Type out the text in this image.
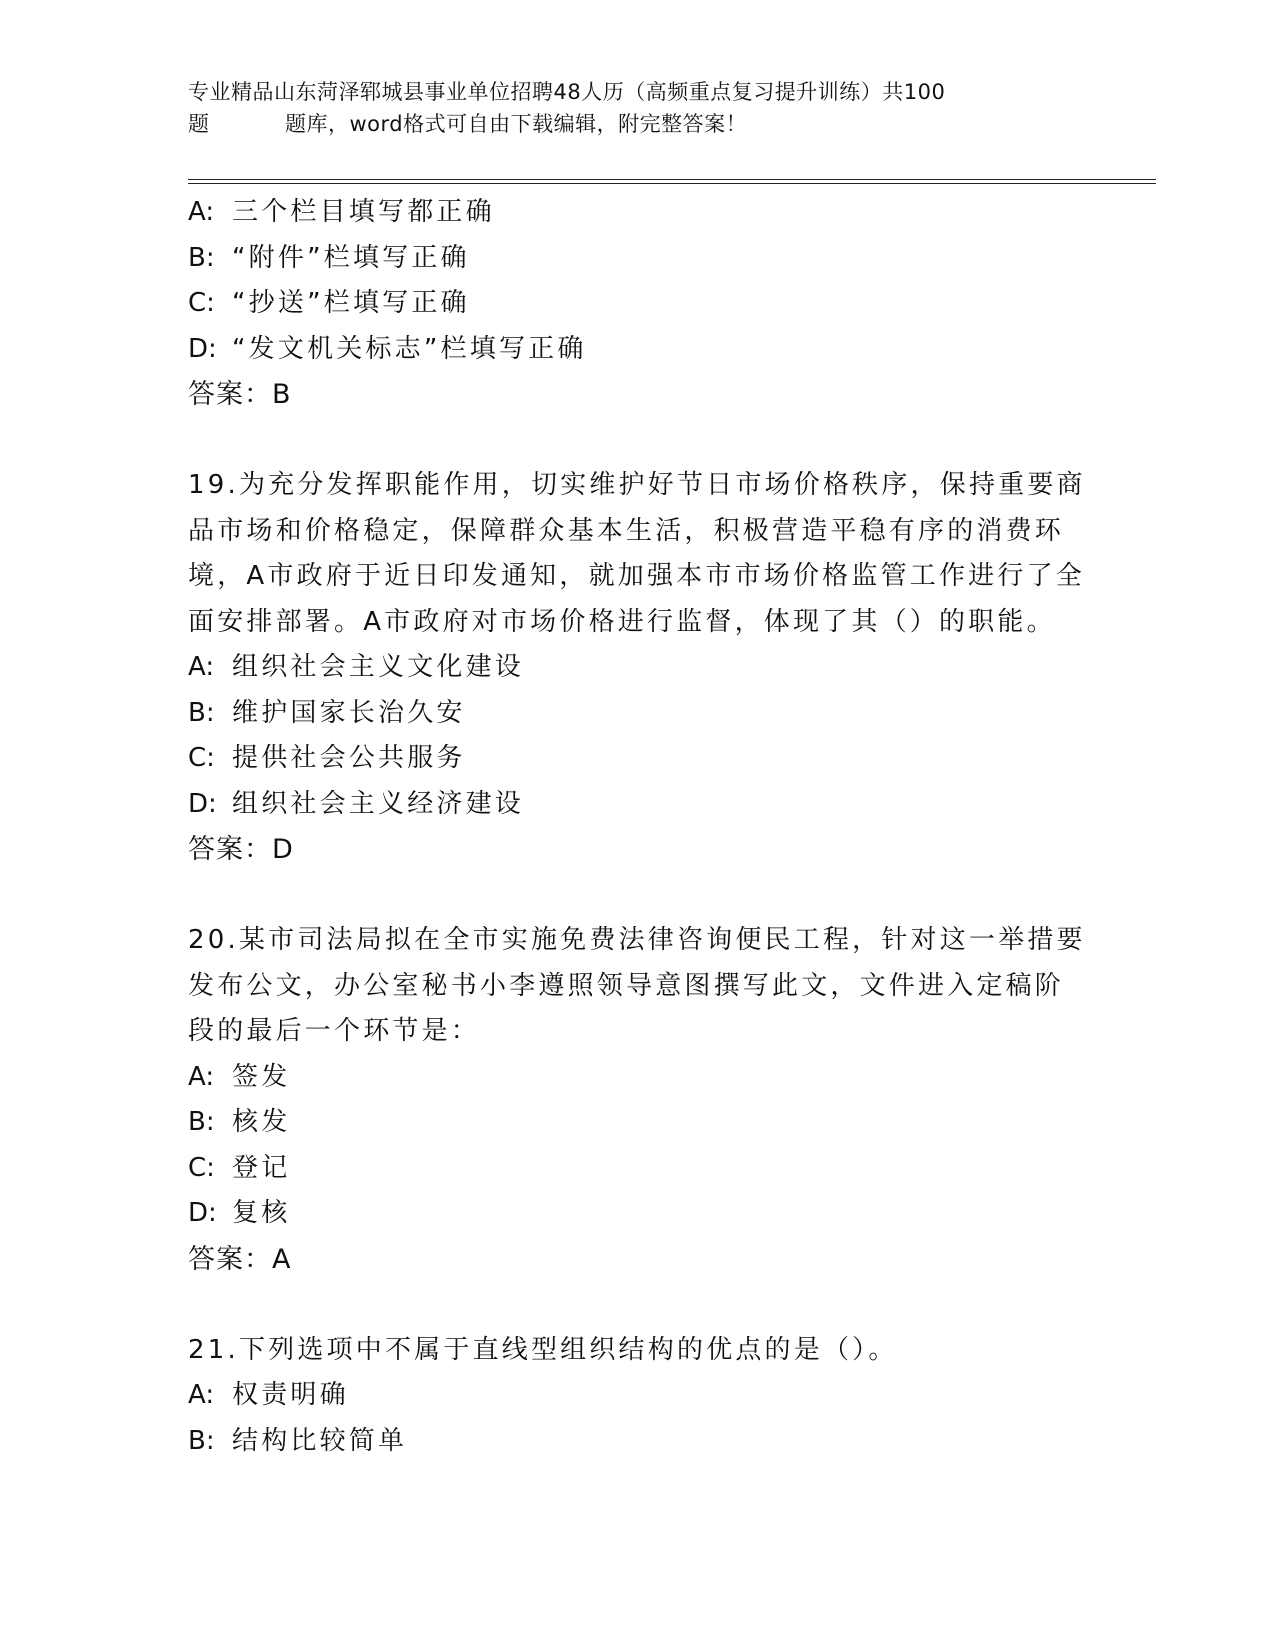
专业精品山东菏泽郓城县事业单位招聘48人历（高频重点复习提升训练）共100
题	题库，word格式可自由下载编辑，附完整答案！
A: 三个栏目填写都正确
B: “附件”栏填写正确
C: “抄送”栏填写正确
D: “发文机关标志”栏填写正确
答案：B
19.为充分发挥职能作用，切实维护好节日市场价格秩序，保持重要商
品市场和价格稳定，保障群众基本生活，积极营造平稳有序的消费环
境，A市政府于近日印发通知，就加强本市市场价格监管工作进行了全
面安排部署。A市政府对市场价格进行监督，体现了其（）的职能。
A: 组织社会主义文化建设
B: 维护国家长治久安
C: 提供社会公共服务
D: 组织社会主义经济建设
答案：D
20.某市司法局拟在全市实施免费法律咨询便民工程，针对这一举措要
发布公文，办公室秘书小李遵照领导意图撰写此文，文件进入定稿阶
段的最后一个环节是：
A: 签发
B: 核发
C: 登记
D: 复核
答案：A
21.下列选项中不属于直线型组织结构的优点的是（）。
A: 权责明确
B: 结构比较简单
